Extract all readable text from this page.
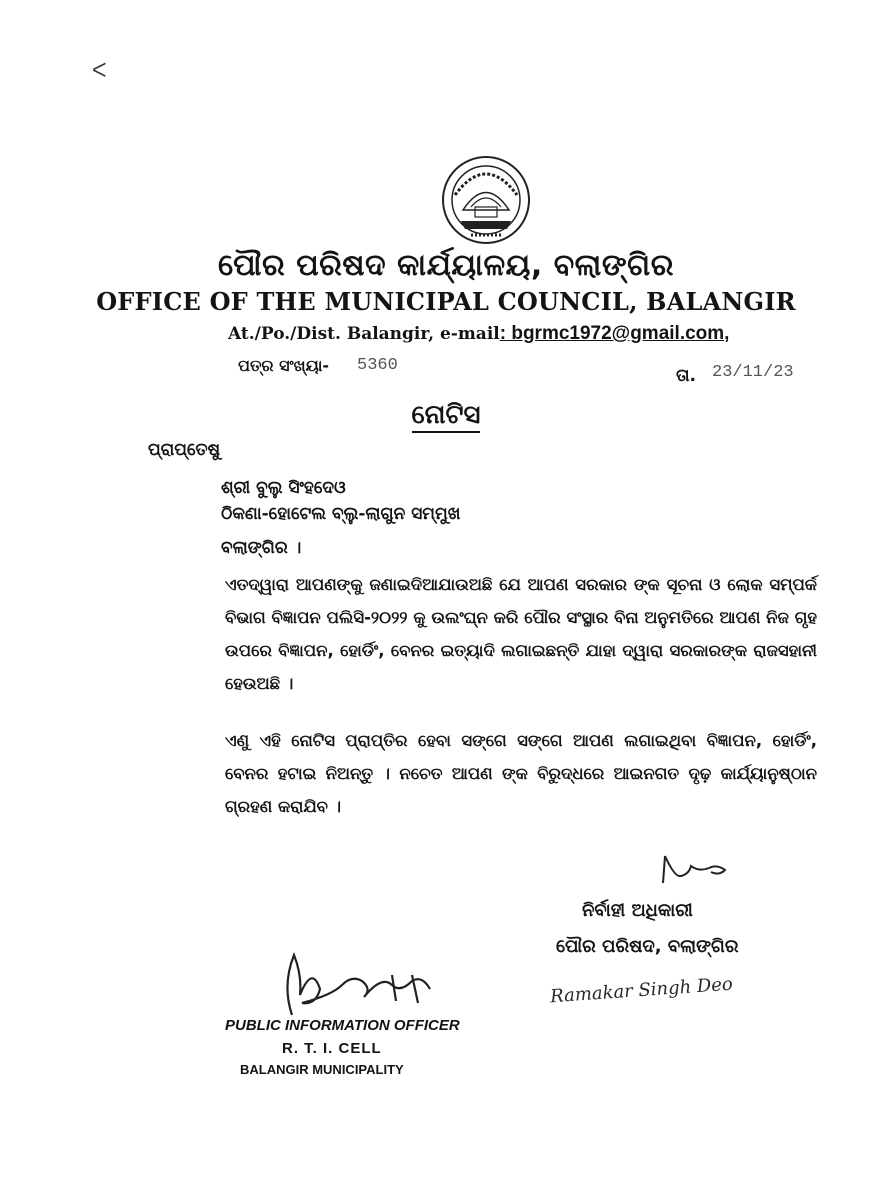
ᐸ
ପୌର ପରିଷଦ କାର୍ଯ୍ୟାଳୟ, ବଲାଙ୍ଗିର
OFFICE OF THE MUNICIPAL COUNCIL, BALANGIR
At./Po./Dist. Balangir, e-mail: bgrmc1972@gmail.com,
ପତ୍ର ସଂଖ୍ୟା- 5360
ତା. 23/11/23
ନୋଟିସ
ପ୍ରାପ୍ତେଷୁ
ଶ୍ରୀ ବୁଲୁ ସିଂହଦେଓ
ଠିକଣା-ହୋଟେଲ ବ୍ଲୁ-ଲାଗୁନ ସମ୍ମୁଖ
ବଲାଙ୍ଗିର ।
ଏତଦ୍ୱାରା ଆପଣଙ୍କୁ ଜଣାଇଦିଆଯାଉଅଛି ଯେ ଆପଣ ସରକାର ଙ୍କ ସୂଚନା ଓ ଲୋକ ସମ୍ପର୍କ ବିଭାଗ ବିଜ୍ଞାପନ ପଲିସି-୨୦୨୨ କୁ ଉଲଂଘ୍ନ କରି ପୌର ସଂସ୍ଥାର ବିନା ଅନୁମତିରେ ଆପଣ ନିଜ ଗୃହ ଉପରେ ବିଜ୍ଞାପନ, ହୋର୍ଡିଂ, ବେନର ଇତ୍ୟାଦି ଲଗାଇଛନ୍ତି ଯାହା ଦ୍ୱାରା ସରକାରଙ୍କ ରାଜସହାନୀ ହେଉଅଛି ।
ଏଣୁ ଏହି ନୋଟିସ ପ୍ରାପ୍ତିର ହେବା ସଙ୍ଗେ ସଙ୍ଗେ ଆପଣ ଲଗାଇଥିବା ବିଜ୍ଞାପନ, ହୋର୍ଡିଂ, ବେନର ହଟାଇ ନିଅନ୍ତୁ । ନଚେତ ଆପଣ ଙ୍କ ବିରୁଦ୍ଧରେ ଆଇନଗତ ଦୃଢ଼ କାର୍ଯ୍ୟାନୁଷ୍ଠାନ ଗ୍ରହଣ କରାଯିବ ।
ନିର୍ବାହୀ ଅଧିକାରୀ
ପୌର ପରିଷଦ, ବଲାଙ୍ଗିର
Ramakar Singh Deo
PUBLIC INFORMATION OFFICER
R. T. I. CELL
BALANGIR MUNICIPALITY
